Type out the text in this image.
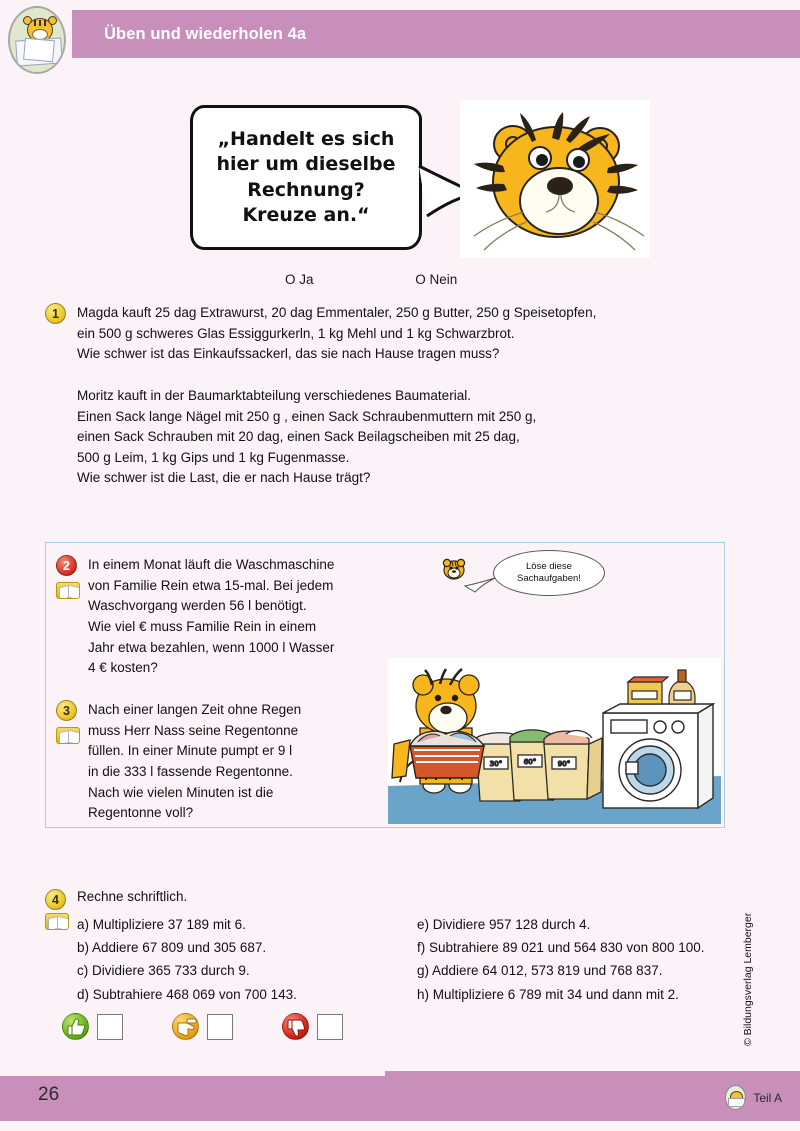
Üben und wiederholen 4a
„Handelt es sich
hier um dieselbe
Rechnung?
Kreuze an.“
O Ja	O Nein
1	Magda kauft 25 dag Extrawurst, 20 dag Emmentaler, 250 g Butter, 250 g Speisetopfen,

ein 500 g schweres Glas Essiggurkerln, 1 kg Mehl und 1 kg Schwarzbrot.

Wie schwer ist das Einkaufssackerl, das sie nach Hause tragen muss?

Moritz kauft in der Baumarktabteilung verschiedenes Baumaterial.

Einen Sack lange Nägel mit 250 g , einen Sack Schraubenmuttern mit 250 g,

einen Sack Schrauben mit 20 dag, einen Sack Beilagscheiben mit 25 dag,

500 g Leim, 1 kg Gips und 1 kg Fugenmasse.

Wie schwer ist die Last, die er nach Hause trägt?

2	In einem Monat läuft die Waschmaschine

von Familie Rein etwa 15-mal. Bei jedem

Waschvorgang werden 56 l benötigt.

Wie viel € muss Familie Rein in einem

Jahr etwa bezahlen, wenn 1000 l Wasser

4 € kosten?

3	Nach einer langen Zeit ohne Regen

muss Herr Nass seine Regentonne

füllen. In einer Minute pumpt er 9 l

in die 333 l fassende Regentonne.

Nach wie vielen Minuten ist die

Regentonne voll?

Löse diese
Sachaufgaben!
30°	60°	90°
4	Rechne schriftlich.

a) Multipliziere 37 189 mit 6.

b) Addiere 67 809 und 305 687.

c) Dividiere 365 733 durch 9.

d) Subtrahiere 468 069 von 700 143.

e) Dividiere 957 128 durch 4.

f) Subtrahiere 89 021 und 564 830 von 800 100.

g) Addiere 64 012, 573 819 und 768 837.

h) Multipliziere 6 789 mit 34 und dann mit 2.	© Bildungsverlag Lemberger
26	Teil A
